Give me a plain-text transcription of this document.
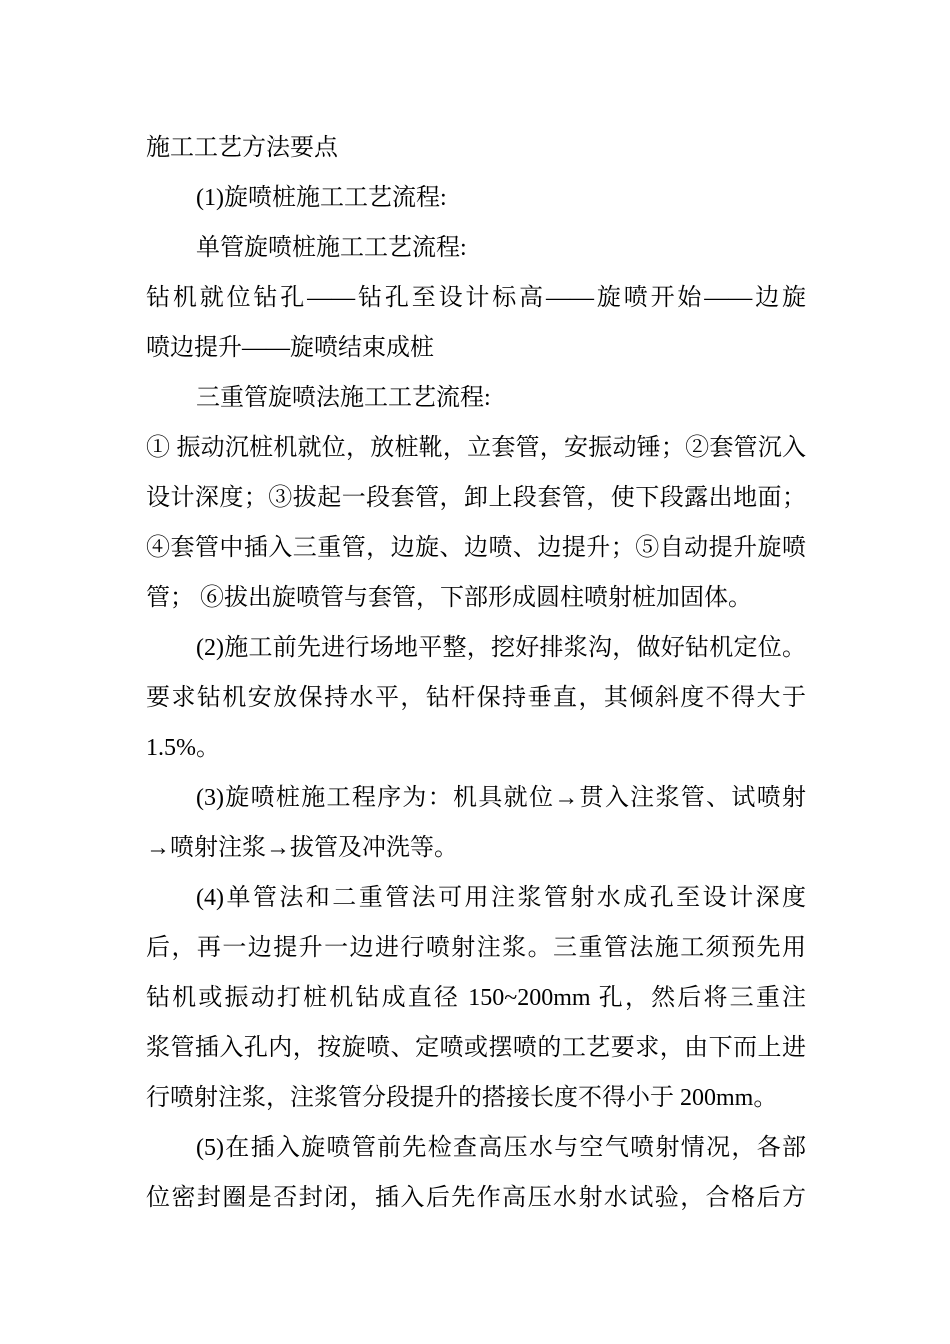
施工工艺方法要点
(1)旋喷桩施工工艺流程:
单管旋喷桩施工工艺流程:
钻机就位钻孔——钻孔至设计标高——旋喷开始——边旋
喷边提升——旋喷结束成桩
三重管旋喷法施工工艺流程:
① 振动沉桩机就位，放桩靴，立套管，安振动锤；②套管沉入
设计深度；③拔起一段套管，卸上段套管，使下段露出地面；
④套管中插入三重管，边旋、边喷、边提升；⑤自动提升旋喷
管； ⑥拔出旋喷管与套管，下部形成圆柱喷射桩加固体。
(2)施工前先进行场地平整，挖好排浆沟，做好钻机定位。
要求钻机安放保持水平，钻杆保持垂直，其倾斜度不得大于
1.5%。
(3)旋喷桩施工程序为：机具就位→贯入注浆管、试喷射
→喷射注浆→拔管及冲洗等。
(4)单管法和二重管法可用注浆管射水成孔至设计深度
后，再一边提升一边进行喷射注浆。三重管法施工须预先用
钻机或振动打桩机钻成直径 150~200mm 孔，然后将三重注
浆管插入孔内，按旋喷、定喷或摆喷的工艺要求，由下而上进
行喷射注浆，注浆管分段提升的搭接长度不得小于 200mm。
(5)在插入旋喷管前先检查高压水与空气喷射情况，各部
位密封圈是否封闭，插入后先作高压水射水试验，合格后方
